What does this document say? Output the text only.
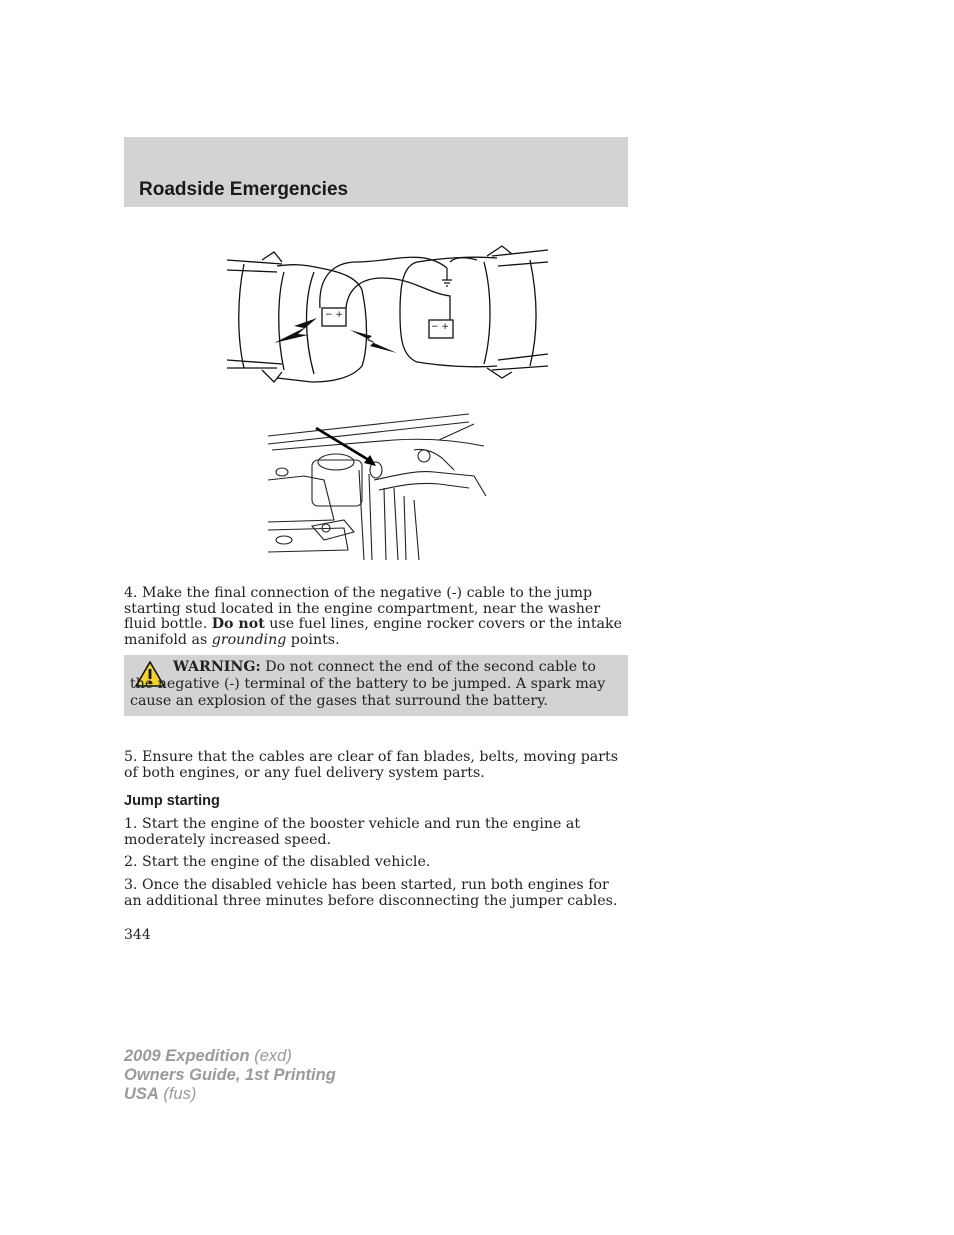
Roadside Emergencies
− +
− +

4. Make the final connection of the negative (-) cable to the jump starting stud located in the engine compartment, near the washer fluid bottle. Do not use fuel lines, engine rocker covers or the intake manifold as grounding points.

WARNING: Do not connect the end of the second cable to the negative (-) terminal of the battery to be jumped. A spark may cause an explosion of the gases that surround the battery.

5. Ensure that the cables are clear of fan blades, belts, moving parts of both engines, or any fuel delivery system parts.

Jump starting

1. Start the engine of the booster vehicle and run the engine at moderately increased speed.

2. Start the engine of the disabled vehicle.

3. Once the disabled vehicle has been started, run both engines for an additional three minutes before disconnecting the jumper cables.

344
2009 Expedition (exd)
Owners Guide, 1st Printing
USA (fus)
